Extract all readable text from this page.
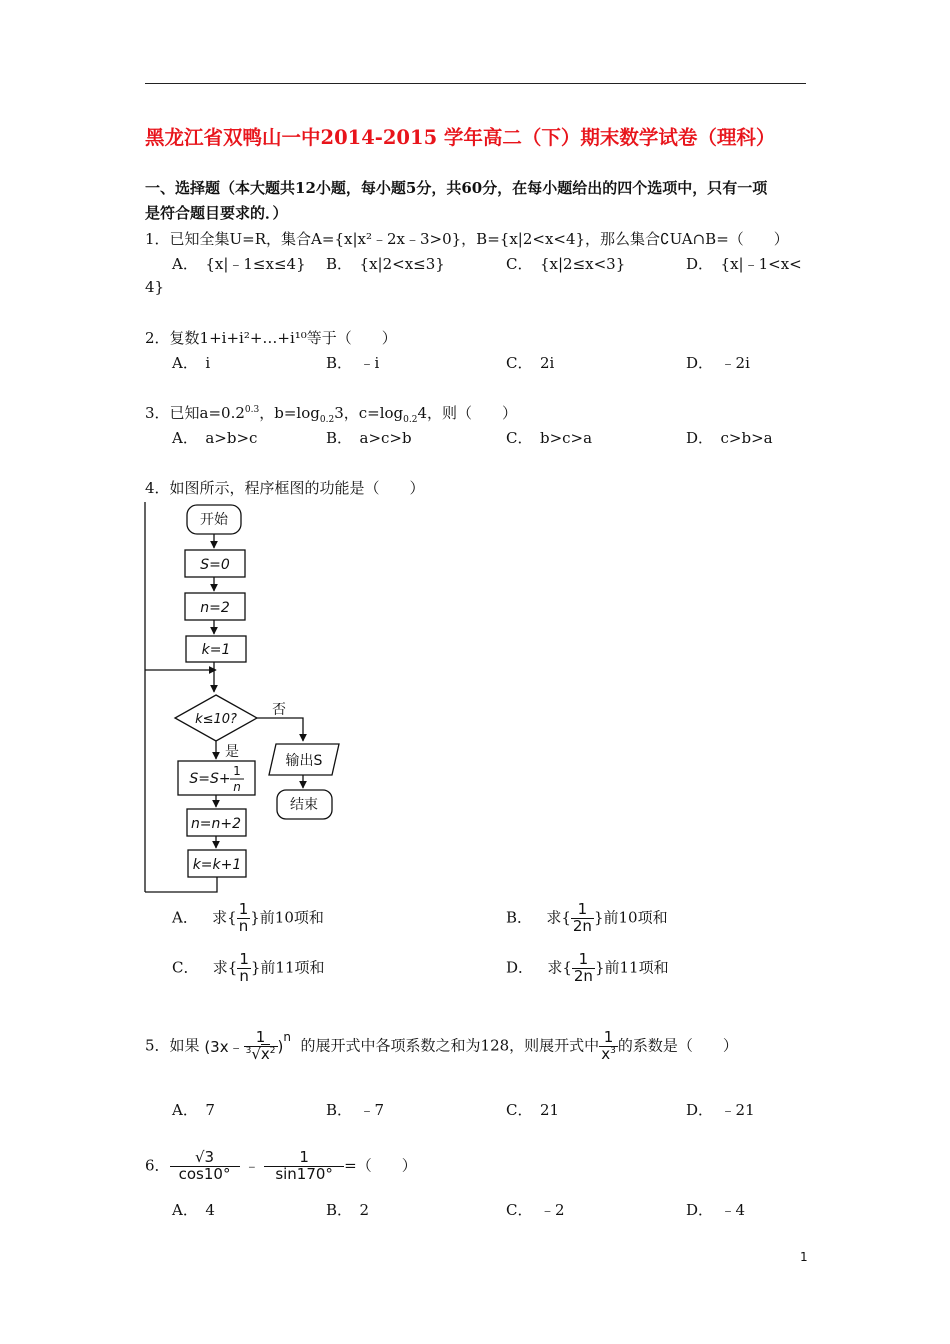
黑龙江省双鸭山一中2014-2015 学年高二（下）期末数学试卷（理科）
一、选择题（本大题共12小题，每小题5分，共60分，在每小题给出的四个选项中，只有一项
是符合题目要求的．）
1．已知全集U=R，集合A={x|x²﹣2x﹣3>0}，B={x|2<x<4}，那么集合∁UA∩B=（　　）
A．　{x|﹣1≤x≤4} B．　{x|2<x≤3}	C．　{x|2≤x<3}	D．　{x|﹣1<x<
4}
2．复数1+i+i²+…+i¹⁰等于（　　）
A．　i	B．　﹣i	C．　2i	D．　﹣2i
3．已知$a=0.2^{0.3}$，$b=\log_{0.2}3$，$c=\log_{0.2}4$，则（　　）
A．　a>b>c	B．　a>c>b	C．　b>c>a	D．　c>b>a
4．如图所示，程序框图的功能是（　　）
开始
S=0
n=2
k=1
k≤10?
否
是
S=S+ 1
n
n=n+2
k=k+1
输出S
结束
A． 求{ $\frac{1}{n}$ }前10项和	B． 求{ $\frac{1}{2n}$ }前10项和
C． 求{ $\frac{1}{n}$ }前11项和	D． 求{ $\frac{1}{2n}$ }前11项和
5．如果 (3x﹣ $\frac{1}{^3√x^2} )^n$ 的展开式中各项系数之和为128，则展开式中 $\frac{1}{x^3}$ 的系数是（　　）
A．　7	B．　﹣7	C．　21	D．　﹣21
6． $\frac{√3}{\cos 10^\circ}$ ﹣ $\frac{1}{\sin 170^\circ}$ =（　　）
A．　4	B．　2	C．　﹣2	D．　﹣4
1
